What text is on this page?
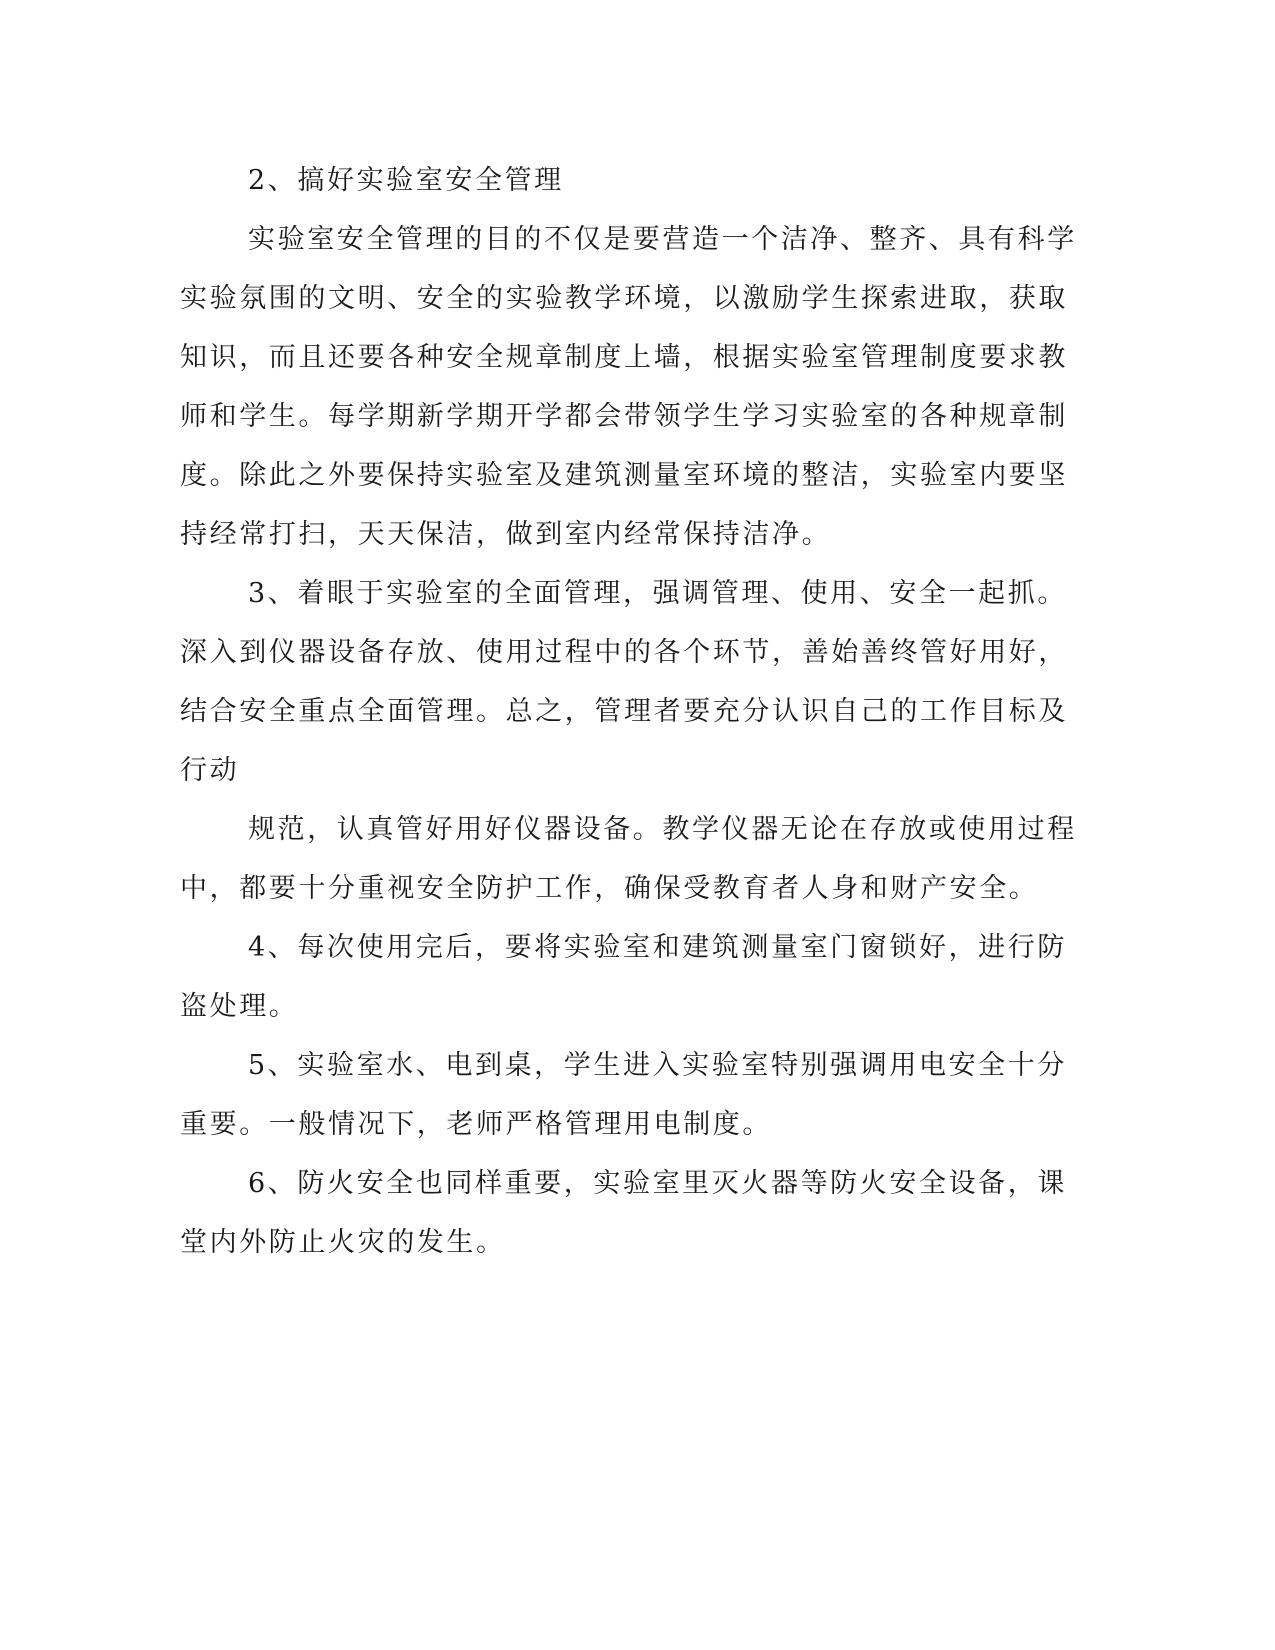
2、搞好实验室安全管理
实验室安全管理的目的不仅是要营造一个洁净、整齐、具有科学
实验氛围的文明、安全的实验教学环境，以激励学生探索进取，获取
知识，而且还要各种安全规章制度上墙，根据实验室管理制度要求教
师和学生。每学期新学期开学都会带领学生学习实验室的各种规章制
度。除此之外要保持实验室及建筑测量室环境的整洁，实验室内要坚
持经常打扫，天天保洁，做到室内经常保持洁净。
3、着眼于实验室的全面管理，强调管理、使用、安全一起抓。
深入到仪器设备存放、使用过程中的各个环节，善始善终管好用好，
结合安全重点全面管理。总之，管理者要充分认识自己的工作目标及
行动
规范，认真管好用好仪器设备。教学仪器无论在存放或使用过程
中，都要十分重视安全防护工作，确保受教育者人身和财产安全。
4、每次使用完后，要将实验室和建筑测量室门窗锁好，进行防
盗处理。
5、实验室水、电到桌，学生进入实验室特别强调用电安全十分
重要。一般情况下，老师严格管理用电制度。
6、防火安全也同样重要，实验室里灭火器等防火安全设备，课
堂内外防止火灾的发生。
